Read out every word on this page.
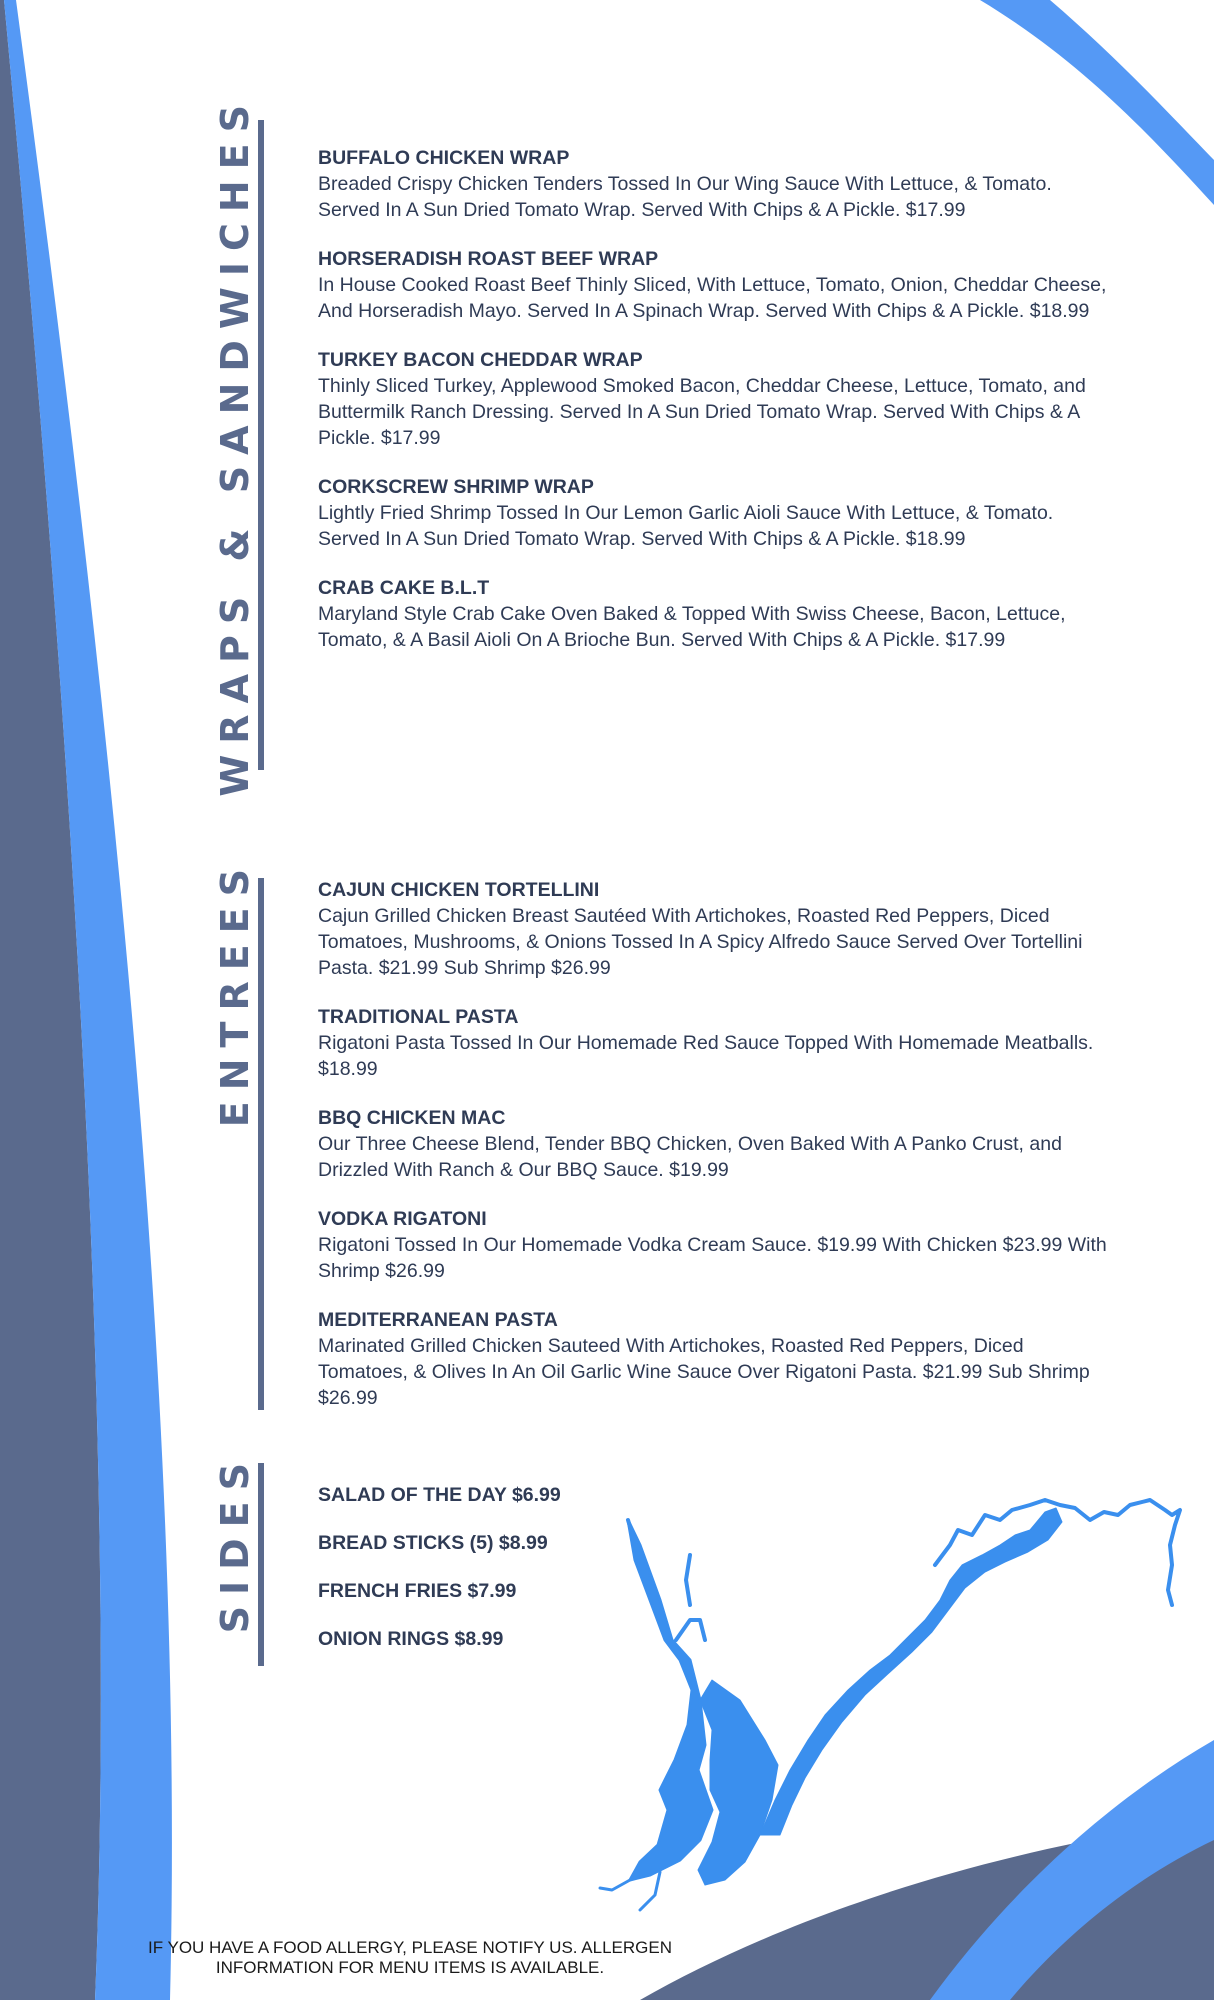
WRAPS & SANDWICHES	BUFFALO CHICKEN WRAP
Breaded Crispy Chicken Tenders Tossed In Our Wing Sauce With Lettuce, & Tomato. Served In A Sun Dried Tomato Wrap. Served With Chips & A Pickle. $17.99
HORSERADISH ROAST BEEF WRAP
In House Cooked Roast Beef Thinly Sliced, With Lettuce, Tomato, Onion, Cheddar Cheese, And Horseradish Mayo. Served In A Spinach Wrap. Served With Chips & A Pickle. $18.99
TURKEY BACON CHEDDAR WRAP
Thinly Sliced Turkey, Applewood Smoked Bacon, Cheddar Cheese, Lettuce, Tomato, and Buttermilk Ranch Dressing. Served In A Sun Dried Tomato Wrap. Served With Chips & A Pickle. $17.99
CORKSCREW SHRIMP WRAP
Lightly Fried Shrimp Tossed In Our Lemon Garlic Aioli Sauce With Lettuce, & Tomato. Served In A Sun Dried Tomato Wrap. Served With Chips & A Pickle. $18.99
CRAB CAKE B.L.T
Maryland Style Crab Cake Oven Baked & Topped With Swiss Cheese, Bacon, Lettuce, Tomato, & A Basil Aioli On A Brioche Bun. Served With Chips & A Pickle. $17.99
ENTREES	CAJUN CHICKEN TORTELLINI
Cajun Grilled Chicken Breast Sautéed With Artichokes, Roasted Red Peppers, Diced Tomatoes, Mushrooms, & Onions Tossed In A Spicy Alfredo Sauce Served Over Tortellini Pasta. $21.99 Sub Shrimp $26.99
TRADITIONAL PASTA
Rigatoni Pasta Tossed In Our Homemade Red Sauce Topped With Homemade Meatballs. $18.99
BBQ CHICKEN MAC
Our Three Cheese Blend, Tender BBQ Chicken, Oven Baked With A Panko Crust, and Drizzled With Ranch & Our BBQ Sauce. $19.99
VODKA RIGATONI
Rigatoni Tossed In Our Homemade Vodka Cream Sauce. $19.99 With Chicken $23.99 With Shrimp $26.99
MEDITERRANEAN PASTA
Marinated Grilled Chicken Sauteed With Artichokes, Roasted Red Peppers, Diced Tomatoes, & Olives In An Oil Garlic Wine Sauce Over Rigatoni Pasta. $21.99 Sub Shrimp $26.99
SIDES	SALAD OF THE DAY $6.99
BREAD STICKS (5) $8.99
FRENCH FRIES $7.99
ONION RINGS $8.99
IF YOU HAVE A FOOD ALLERGY, PLEASE NOTIFY US. ALLERGEN
INFORMATION FOR MENU ITEMS IS AVAILABLE.
